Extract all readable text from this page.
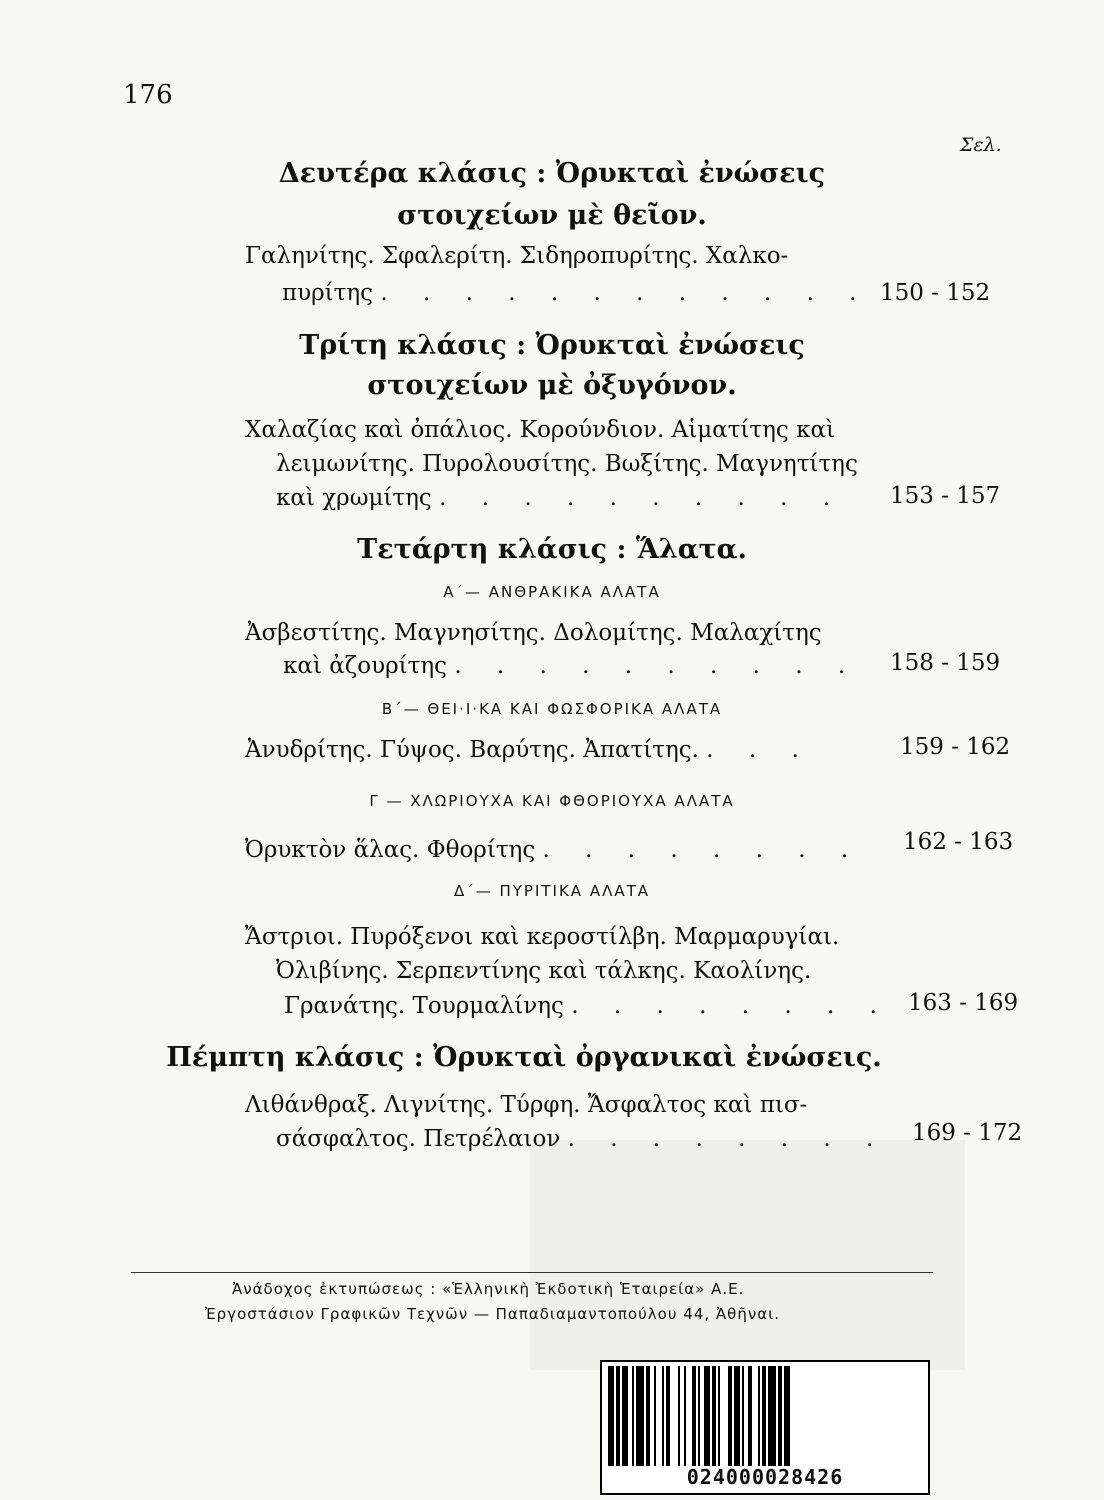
176
Σελ.
Δευτέρα κλάσις : Ὀρυκταὶ ἐνώσεις
στοιχείων μὲ θεῖον.
Γαληνίτης. Σφαλερίτη. Σιδηροπυρίτης. Χαλκο-
πυρίτης . . . . . . . . . . . . 150 - 152
Τρίτη κλάσις : Ὀρυκταὶ ἐνώσεις
στοιχείων μὲ ὀξυγόνον.
Χαλαζίας καὶ ὀπάλιος. Κορούνδιον. Αἱματίτης καὶ
λειμωνίτης. Πυρολουσίτης. Βωξίτης. Μαγνητίτης
καὶ χρωμίτης . . . . . . . . . . 153 - 157
Τετάρτη κλάσις : Ἅλατα.
Α΄— ΑΝΘΡΑΚΙΚΑ ΑΛΑΤΑ
Ἀσβεστίτης. Μαγνησίτης. Δολομίτης. Μαλαχίτης
καὶ ἀζουρίτης . . . . . . . . . . 158 - 159
Β΄— ΘΕΙ·Ι·ΚΑ ΚΑΙ ΦΩΣΦΟΡΙΚΑ ΑΛΑΤΑ
Ἀνυδρίτης. Γύψος. Βαρύτης. Ἀπατίτης. . . .	159 - 162
Γ — ΧΛΩΡΙΟΥΧΑ ΚΑΙ ΦΘΟΡΙΟΥΧΑ ΑΛΑΤΑ
Ὀρυκτὸν ἅλας. Φθορίτης . . . . . . . . 162 - 163
Δ΄— ΠΥΡΙΤΙΚΑ ΑΛΑΤΑ
Ἄστριοι. Πυρόξενοι καὶ κεροστίλβη. Μαρμαρυγίαι.
Ὀλιβίνης. Σερπεντίνης καὶ τάλκης. Καολίνης.
Γρανάτης. Τουρμαλίνης . . . . . . . . 163 - 169
Πέμπτη κλάσις : Ὀρυκταὶ ὀργανικαὶ ἐνώσεις.
Λιθάνθραξ. Λιγνίτης. Τύρφη. Ἄσφαλτος καὶ πισ-
σάσφαλτος. Πετρέλαιον . . . . . . . . 169 - 172
Ἀνάδοχος ἐκτυπώσεως : «Ἑλληνικὴ Ἐκδοτικὴ Ἑταιρεία» Α.Ε.
Ἐργοστάσιον Γραφικῶν Τεχνῶν — Παπαδιαμαντοπούλου 44, Ἀθῆναι.
024000028426
